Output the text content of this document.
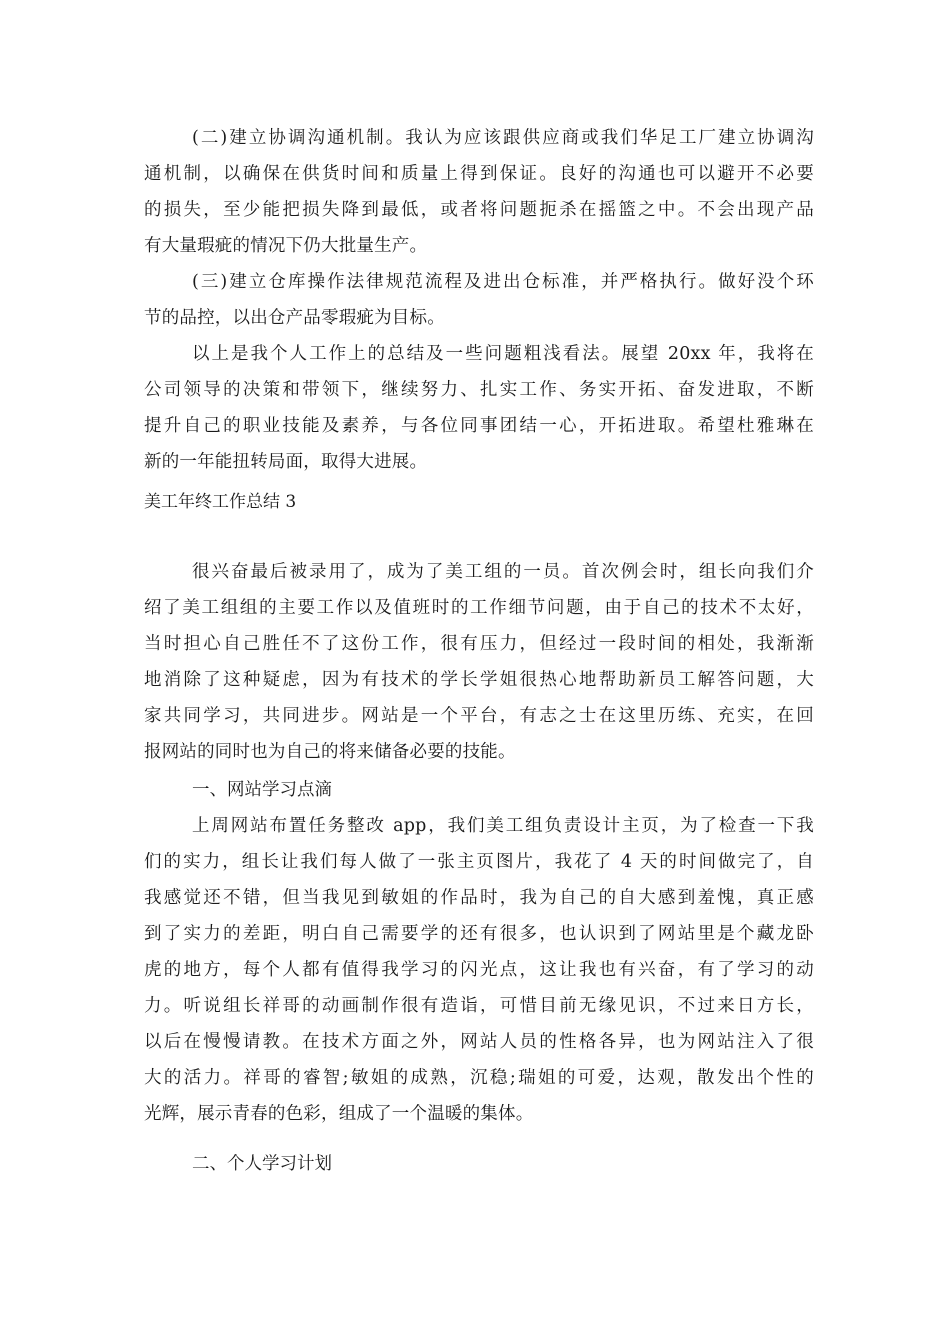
(二)建立协调沟通机制。我认为应该跟供应商或我们华足工厂建立协调沟
通机制，以确保在供货时间和质量上得到保证。良好的沟通也可以避开不必要
的损失，至少能把损失降到最低，或者将问题扼杀在摇篮之中。不会出现产品
有大量瑕疵的情况下仍大批量生产。
(三)建立仓库操作法律规范流程及进出仓标准，并严格执行。做好没个环
节的品控，以出仓产品零瑕疵为目标。
以上是我个人工作上的总结及一些问题粗浅看法。展望 20xx 年，我将在
公司领导的决策和带领下，继续努力、扎实工作、务实开拓、奋发进取，不断
提升自己的职业技能及素养，与各位同事团结一心，开拓进取。希望杜雅琳在
新的一年能扭转局面，取得大进展。
美工年终工作总结 3
很兴奋最后被录用了，成为了美工组的一员。首次例会时，组长向我们介
绍了美工组组的主要工作以及值班时的工作细节问题，由于自己的技术不太好，
当时担心自己胜任不了这份工作，很有压力，但经过一段时间的相处，我渐渐
地消除了这种疑虑，因为有技术的学长学姐很热心地帮助新员工解答问题，大
家共同学习，共同进步。网站是一个平台，有志之士在这里历练、充实，在回
报网站的同时也为自己的将来储备必要的技能。
一、网站学习点滴
上周网站布置任务整改 app，我们美工组负责设计主页，为了检查一下我
们的实力，组长让我们每人做了一张主页图片，我花了 4 天的时间做完了，自
我感觉还不错，但当我见到敏姐的作品时，我为自己的自大感到羞愧，真正感
到了实力的差距，明白自己需要学的还有很多，也认识到了网站里是个藏龙卧
虎的地方，每个人都有值得我学习的闪光点，这让我也有兴奋，有了学习的动
力。听说组长祥哥的动画制作很有造诣，可惜目前无缘见识，不过来日方长，
以后在慢慢请教。在技术方面之外，网站人员的性格各异，也为网站注入了很
大的活力。祥哥的睿智;敏姐的成熟，沉稳;瑞姐的可爱，达观，散发出个性的
光辉，展示青春的色彩，组成了一个温暖的集体。
二、个人学习计划
